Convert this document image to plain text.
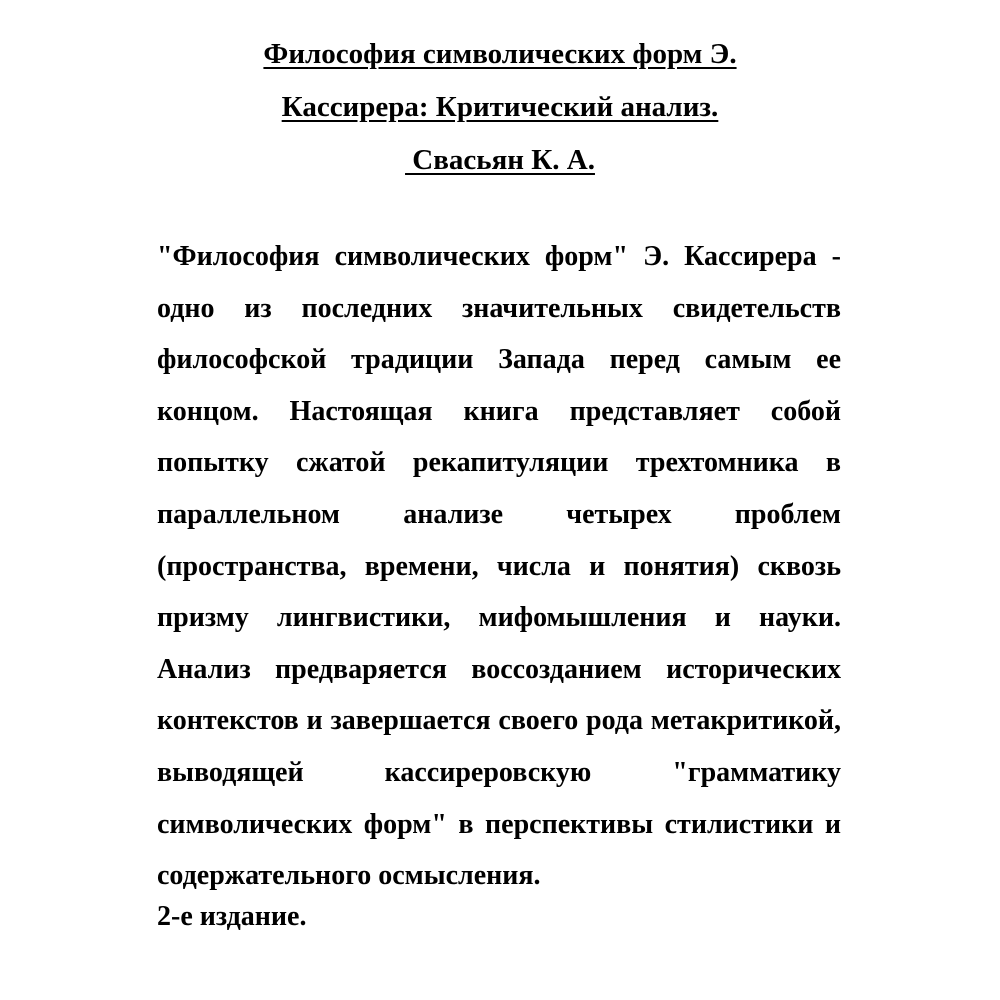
Философия символических форм Э.
Кассирера: Критический анализ.
Свасьян К. А.

"Философия символических форм" Э. Кассирера - одно из последних значительных свидетельств философской традиции Запада перед самым ее концом. Настоящая книга представляет собой попытку сжатой рекапитуляции трехтомника в параллельном анализе четырех проблем (пространства, времени, числа и понятия) сквозь призму лингвистики, мифомышления и науки. Анализ предваряется воссозданием исторических контекстов и завершается своего рода метакритикой, выводящей кассиреровскую "грамматику символических форм" в перспективы стилистики и содержательного осмысления.

2-е издание.
